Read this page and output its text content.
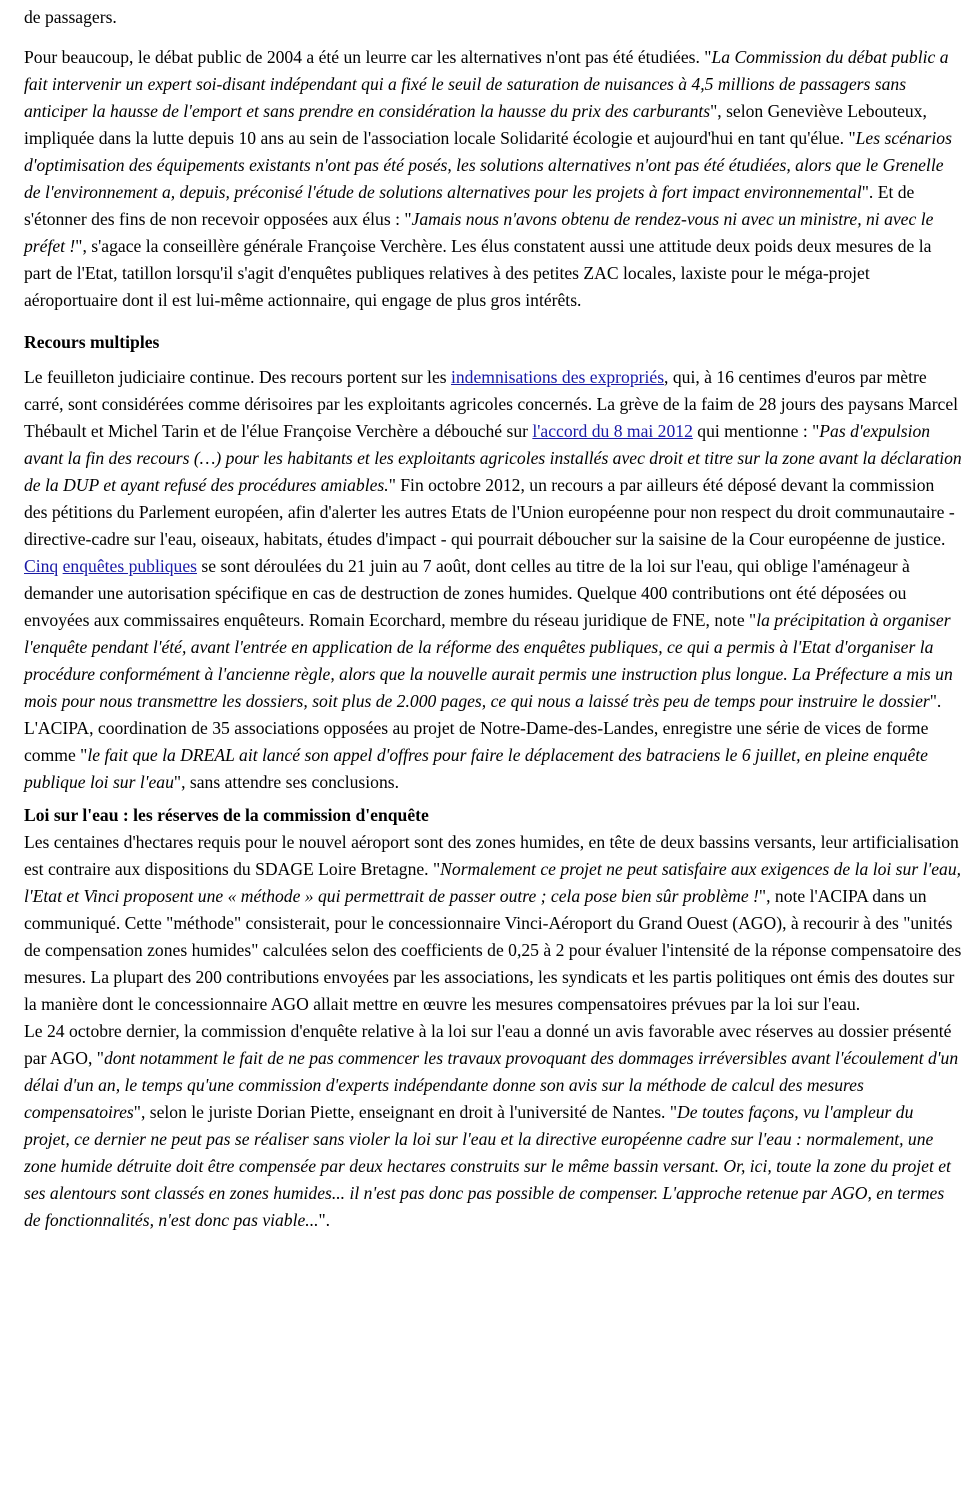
de passagers.

Pour beaucoup, le débat public de 2004 a été un leurre car les alternatives n'ont pas été étudiées. "La Commission du débat public a fait intervenir un expert soi-disant indépendant qui a fixé le seuil de saturation de nuisances à 4,5 millions de passagers sans anticiper la hausse de l'emport et sans prendre en considération la hausse du prix des carburants", selon Geneviève Lebouteux, impliquée dans la lutte depuis 10 ans au sein de l'association locale Solidarité écologie et aujourd'hui en tant qu'élue. "Les scénarios d'optimisation des équipements existants n'ont pas été posés, les solutions alternatives n'ont pas été étudiées, alors que le Grenelle de l'environnement a, depuis, préconisé l'étude de solutions alternatives pour les projets à fort impact environnemental". Et de s'étonner des fins de non recevoir opposées aux élus : "Jamais nous n'avons obtenu de rendez-vous ni avec un ministre, ni avec le préfet !", s'agace la conseillère générale Françoise Verchère. Les élus constatent aussi une attitude deux poids deux mesures de la part de l'Etat, tatillon lorsqu'il s'agit d'enquêtes publiques relatives à des petites ZAC locales, laxiste pour le méga-projet aéroportuaire dont il est lui-même actionnaire, qui engage de plus gros intérêts.

Recours multiples

Le feuilleton judiciaire continue. Des recours portent sur les indemnisations des expropriés, qui, à 16 centimes d'euros par mètre carré, sont considérées comme dérisoires par les exploitants agricoles concernés. La grève de la faim de 28 jours des paysans Marcel Thébault et Michel Tarin et de l'élue Françoise Verchère a débouché sur l'accord du 8 mai 2012 qui mentionne : "Pas d'expulsion avant la fin des recours (…) pour les habitants et les exploitants agricoles installés avec droit et titre sur la zone avant la déclaration de la DUP et ayant refusé des procédures amiables." Fin octobre 2012, un recours a par ailleurs été déposé devant la commission des pétitions du Parlement européen, afin d'alerter les autres Etats de l'Union européenne pour non respect du droit communautaire - directive-cadre sur l'eau, oiseaux, habitats, études d'impact - qui pourrait déboucher sur la saisine de la Cour européenne de justice.

Cinq enquêtes publiques se sont déroulées du 21 juin au 7 août, dont celles au titre de la loi sur l'eau, qui oblige l'aménageur à demander une autorisation spécifique en cas de destruction de zones humides. Quelque 400 contributions ont été déposées ou envoyées aux commissaires enquêteurs. Romain Ecorchard, membre du réseau juridique de FNE, note "la précipitation à organiser l'enquête pendant l'été, avant l'entrée en application de la réforme des enquêtes publiques, ce qui a permis à l'Etat d'organiser la procédure conformément à l'ancienne règle, alors que la nouvelle aurait permis une instruction plus longue. La Préfecture a mis un mois pour nous transmettre les dossiers, soit plus de 2.000 pages, ce qui nous a laissé très peu de temps pour instruire le dossier". L'ACIPA, coordination de 35 associations opposées au projet de Notre-Dame-des-Landes, enregistre une série de vices de forme comme "le fait que la DREAL ait lancé son appel d'offres pour faire le déplacement des batraciens le 6 juillet, en pleine enquête publique loi sur l'eau", sans attendre ses conclusions.

Loi sur l'eau : les réserves de la commission d'enquête

Les centaines d'hectares requis pour le nouvel aéroport sont des zones humides, en tête de deux bassins versants, leur artificialisation est contraire aux dispositions du SDAGE Loire Bretagne. "Normalement ce projet ne peut satisfaire aux exigences de la loi sur l'eau, l'Etat et Vinci proposent une « méthode » qui permettrait de passer outre ; cela pose bien sûr problème !", note l'ACIPA dans un communiqué. Cette "méthode" consisterait, pour le concessionnaire Vinci-Aéroport du Grand Ouest (AGO), à recourir à des "unités de compensation zones humides" calculées selon des coefficients de 0,25 à 2 pour évaluer l'intensité de la réponse compensatoire des mesures. La plupart des 200 contributions envoyées par les associations, les syndicats et les partis politiques ont émis des doutes sur la manière dont le concessionnaire AGO allait mettre en œuvre les mesures compensatoires prévues par la loi sur l'eau.

Le 24 octobre dernier, la commission d'enquête relative à la loi sur l'eau a donné un avis favorable avec réserves au dossier présenté par AGO, "dont notamment le fait de ne pas commencer les travaux provoquant des dommages irréversibles avant l'écoulement d'un délai d'un an, le temps qu'une commission d'experts indépendante donne son avis sur la méthode de calcul des mesures compensatoires", selon le juriste Dorian Piette, enseignant en droit à l'université de Nantes. "De toutes façons, vu l'ampleur du projet, ce dernier ne peut pas se réaliser sans violer la loi sur l'eau et la directive européenne cadre sur l'eau : normalement, une zone humide détruite doit être compensée par deux hectares construits sur le même bassin versant. Or, ici, toute la zone du projet et ses alentours sont classés en zones humides... il n'est pas donc pas possible de compenser. L'approche retenue par AGO, en termes de fonctionnalités, n'est donc pas viable...".
